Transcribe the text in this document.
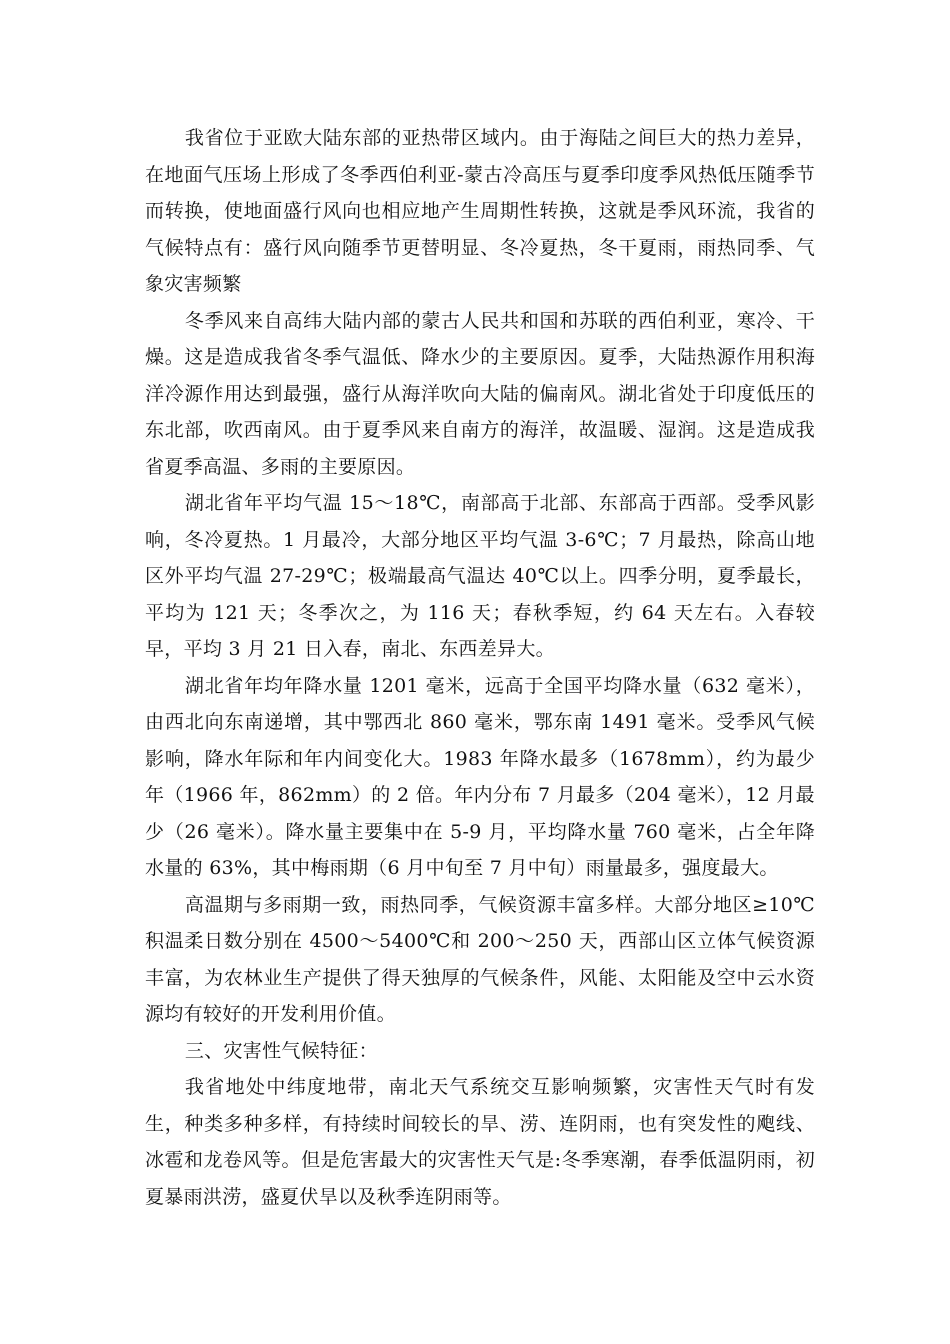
我省位于亚欧大陆东部的亚热带区域内。由于海陆之间巨大的热力差异，在地面气压场上形成了冬季西伯利亚-蒙古冷高压与夏季印度季风热低压随季节而转换，使地面盛行风向也相应地产生周期性转换，这就是季风环流，我省的气候特点有：盛行风向随季节更替明显、冬冷夏热，冬干夏雨，雨热同季、气象灾害频繁

冬季风来自高纬大陆内部的蒙古人民共和国和苏联的西伯利亚，寒冷、干燥。这是造成我省冬季气温低、降水少的主要原因。夏季，大陆热源作用积海洋冷源作用达到最强，盛行从海洋吹向大陆的偏南风。湖北省处于印度低压的东北部，吹西南风。由于夏季风来自南方的海洋，故温暖、湿润。这是造成我省夏季高温、多雨的主要原因。

湖北省年平均气温 15～18℃，南部高于北部、东部高于西部。受季风影响，冬冷夏热。1 月最冷，大部分地区平均气温 3-6℃；7 月最热，除高山地区外平均气温 27-29℃；极端最高气温达 40℃以上。四季分明，夏季最长，平均为 121 天；冬季次之，为 116 天；春秋季短，约 64 天左右。入春较早，平均 3 月 21 日入春，南北、东西差异大。

湖北省年均年降水量 1201 毫米，远高于全国平均降水量（632 毫米），由西北向东南递增，其中鄂西北 860 毫米，鄂东南 1491 毫米。受季风气候影响，降水年际和年内间变化大。1983 年降水最多（1678mm），约为最少年（1966 年，862mm）的 2 倍。年内分布 7 月最多（204 毫米），12 月最少（26 毫米）。降水量主要集中在 5-9 月，平均降水量 760 毫米，占全年降水量的 63%，其中梅雨期（6 月中旬至 7 月中旬）雨量最多，强度最大。

高温期与多雨期一致，雨热同季，气候资源丰富多样。大部分地区≥10℃积温柔日数分别在 4500～5400℃和 200～250 天，西部山区立体气候资源丰富，为农林业生产提供了得天独厚的气候条件，风能、太阳能及空中云水资源均有较好的开发利用价值。

三、灾害性气候特征：

我省地处中纬度地带，南北天气系统交互影响频繁，灾害性天气时有发生，种类多种多样，有持续时间较长的旱、涝、连阴雨，也有突发性的飑线、冰雹和龙卷风等。但是危害最大的灾害性天气是:冬季寒潮，春季低温阴雨，初夏暴雨洪涝，盛夏伏旱以及秋季连阴雨等。
